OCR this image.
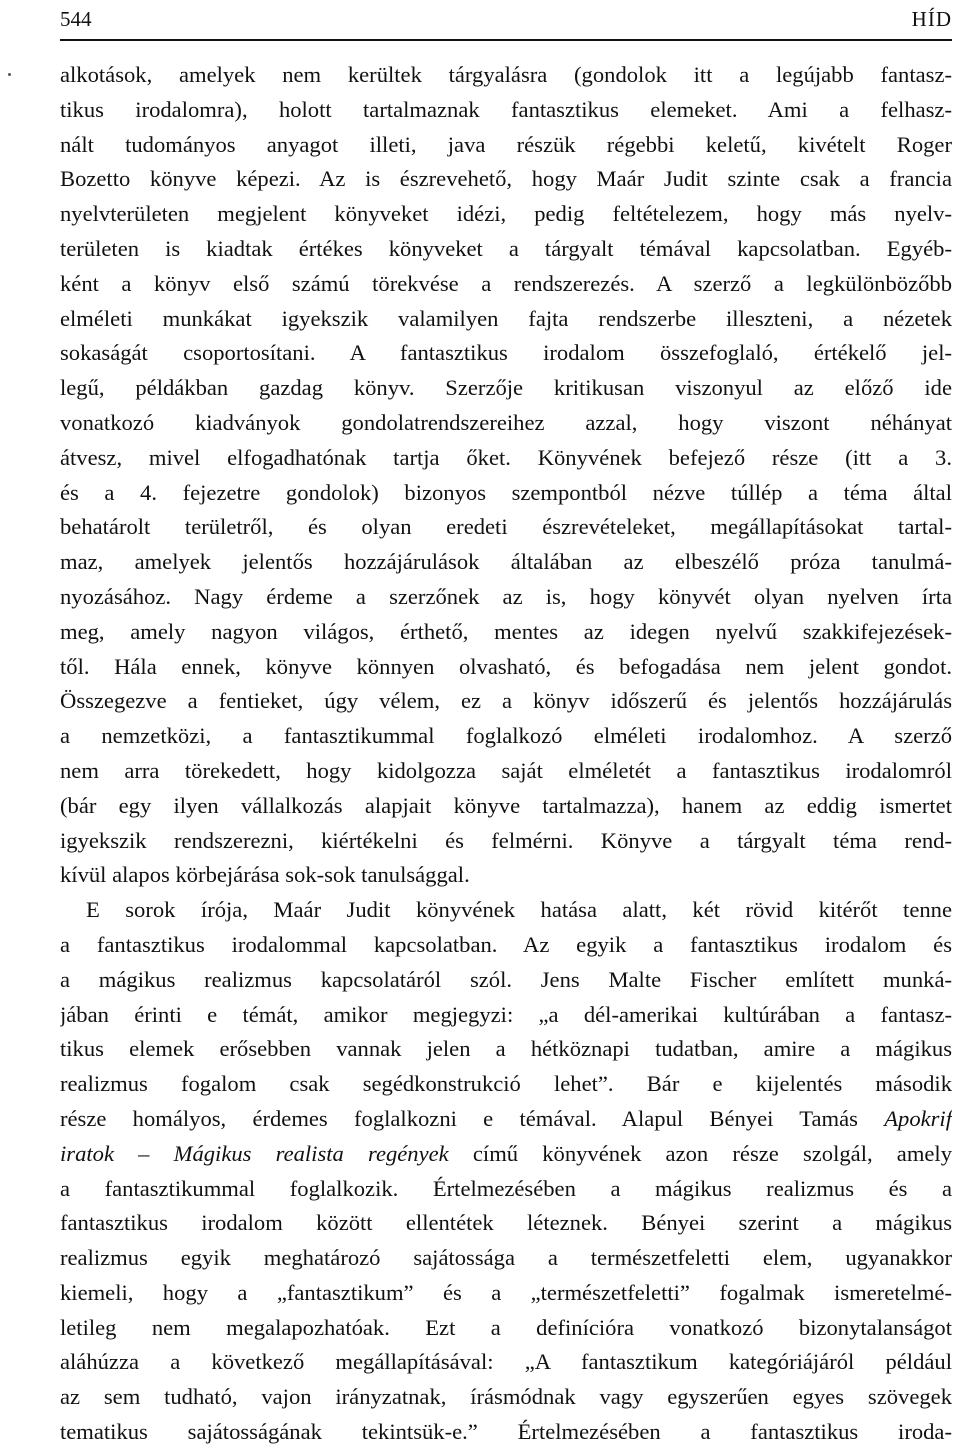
544	HÍD
alkotások, amelyek nem kerültek tárgyalásra (gondolok itt a legújabb fantasz-
tikus irodalomra), holott tartalmaznak fantasztikus elemeket. Ami a felhasz-
nált tudományos anyagot illeti, java részük régebbi keletű, kivételt Roger
Bozetto könyve képezi. Az is észrevehető, hogy Maár Judit szinte csak a francia
nyelvterületen megjelent könyveket idézi, pedig feltételezem, hogy más nyelv-
területen is kiadtak értékes könyveket a tárgyalt témával kapcsolatban. Egyéb-
ként a könyv első számú törekvése a rendszerezés. A szerző a legkülönbözőbb
elméleti munkákat igyekszik valamilyen fajta rendszerbe illeszteni, a nézetek
sokaságát csoportosítani. A fantasztikus irodalom összefoglaló, értékelő jel-
legű, példákban gazdag könyv. Szerzője kritikusan viszonyul az előző ide
vonatkozó kiadványok gondolatrendszereihez azzal, hogy viszont néhányat
átvesz, mivel elfogadhatónak tartja őket. Könyvének befejező része (itt a 3.
és a 4. fejezetre gondolok) bizonyos szempontból nézve túllép a téma által
behatárolt területről, és olyan eredeti észrevételeket, megállapításokat tartal-
maz, amelyek jelentős hozzájárulások általában az elbeszélő próza tanulmá-
nyozásához. Nagy érdeme a szerzőnek az is, hogy könyvét olyan nyelven írta
meg, amely nagyon világos, érthető, mentes az idegen nyelvű szakkifejezések-
től. Hála ennek, könyve könnyen olvasható, és befogadása nem jelent gondot.
Összegezve a fentieket, úgy vélem, ez a könyv időszerű és jelentős hozzájárulás
a nemzetközi, a fantasztikummal foglalkozó elméleti irodalomhoz. A szerző
nem arra törekedett, hogy kidolgozza saját elméletét a fantasztikus irodalomról
(bár egy ilyen vállalkozás alapjait könyve tartalmazza), hanem az eddig ismertet
igyekszik rendszerezni, kiértékelni és felmérni. Könyve a tárgyalt téma rend-
kívül alapos körbejárása sok-sok tanulsággal.
E sorok írója, Maár Judit könyvének hatása alatt, két rövid kitérőt tenne
a fantasztikus irodalommal kapcsolatban. Az egyik a fantasztikus irodalom és
a mágikus realizmus kapcsolatáról szól. Jens Malte Fischer említett munká-
jában érinti e témát, amikor megjegyzi: „a dél-amerikai kultúrában a fantasz-
tikus elemek erősebben vannak jelen a hétköznapi tudatban, amire a mágikus
realizmus fogalom csak segédkonstrukció lehet”. Bár e kijelentés második
része homályos, érdemes foglalkozni e témával. Alapul Bényei Tamás Apokrif
iratok – Mágikus realista regények című könyvének azon része szolgál, amely
a fantasztikummal foglalkozik. Értelmezésében a mágikus realizmus és a
fantasztikus irodalom között ellentétek léteznek. Bényei szerint a mágikus
realizmus egyik meghatározó sajátossága a természetfeletti elem, ugyanakkor
kiemeli, hogy a „fantasztikum” és a „természetfeletti” fogalmak ismeretelmé-
letileg nem megalapozhatóak. Ezt a definícióra vonatkozó bizonytalanságot
aláhúzza a következő megállapításával: „A fantasztikum kategóriájáról például
az sem tudható, vajon irányzatnak, írásmódnak vagy egyszerűen egyes szövegek
tematikus sajátosságának tekintsük-e.” Értelmezésében a fantasztikus iroda-
